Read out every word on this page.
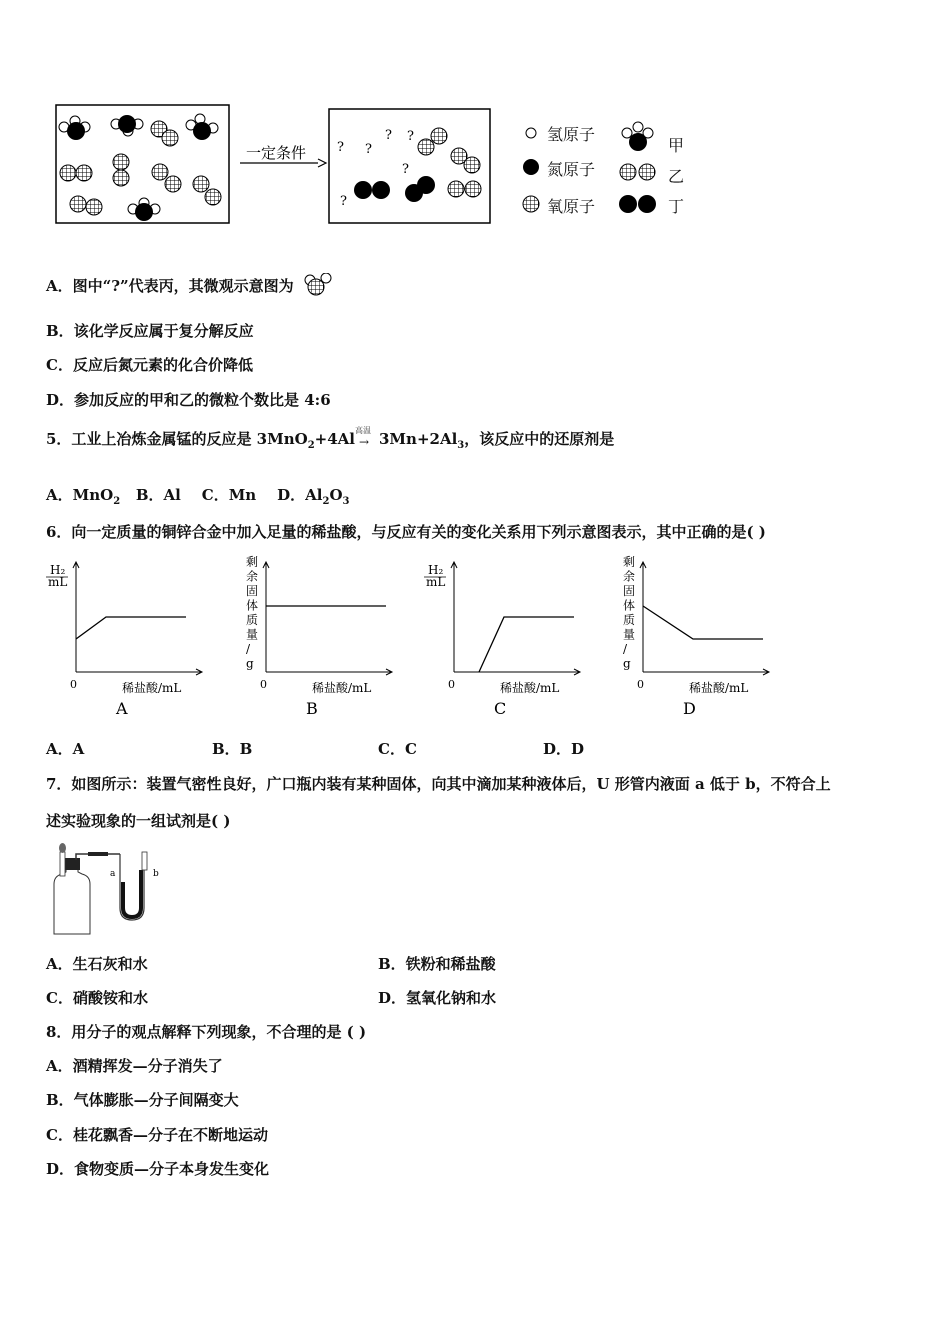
一定条件 ? ?
? ?
?
?
氢原子
氮原子
氧原子
甲
乙
丁
A．图中“?”代表丙，其微观示意图为
B．该化学反应属于复分解反应
C．反应后氮元素的化合价降低
D．参加反应的甲和乙的微粒个数比是 4:6
5．工业上冶炼金属锰的反应是 3MnO$_2$+4Al 高温
→ $3Mn+2Al_3$，该反应中的还原剂是
A．MnO$_2$ B．Al C．Mn D．$Al_2O_3$
6．向一定质量的铜锌合金中加入足量的稀盐酸，与反应有关的变化关系用下列示意图表示，其中正确的是( )
H₂ mL
0	稀盐酸/mL
A
剩余固体质量/ g
0	稀盐酸/mL
B
H₂ mL
0	稀盐酸/mL
C
剩余固体质量/ g
0	稀盐酸/mL
D
A．A	B．B	C．C	D．D
7．如图所示：装置气密性良好，广口瓶内装有某种固体，向其中滴加某种液体后，U 形管内液面 a 低于 b，不符合上
述实验现象的一组试剂是( )
a	b
A．生石灰和水	B．铁粉和稀盐酸
C．硝酸铵和水	D．氢氧化钠和水
8．用分子的观点解释下列现象，不合理的是 ( )
A．酒精挥发—分子消失了
B．气体膨胀—分子间隔变大
C．桂花飘香—分子在不断地运动
D．食物变质—分子本身发生变化
